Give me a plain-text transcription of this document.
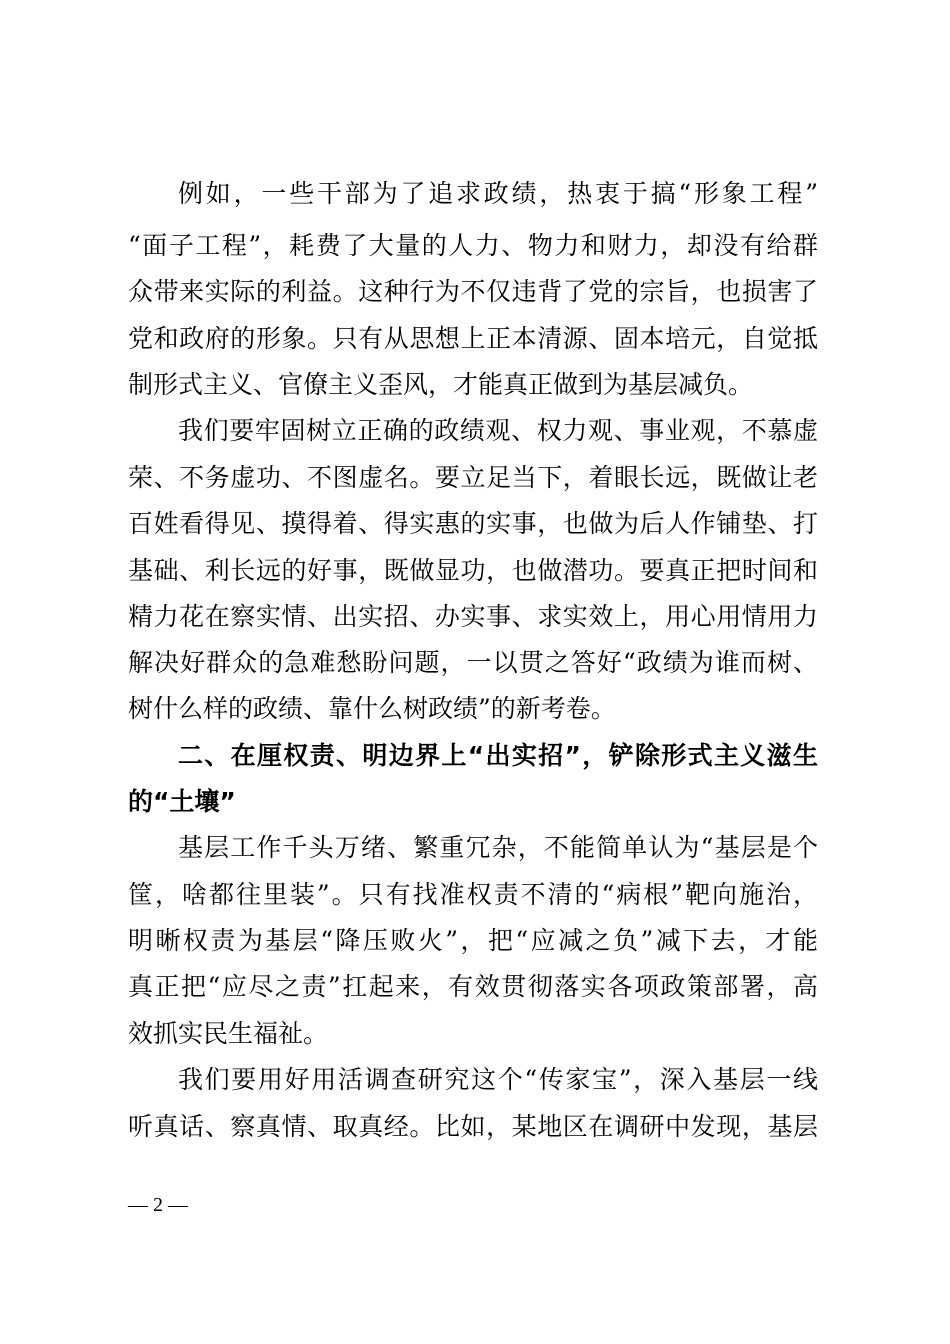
例如，一些干部为了追求政绩，热衷于搞“形象工程”
“面子工程”，耗费了大量的人力、物力和财力，却没有给群
众带来实际的利益。这种行为不仅违背了党的宗旨，也损害了
党和政府的形象。只有从思想上正本清源、固本培元，自觉抵
制形式主义、官僚主义歪风，才能真正做到为基层减负。
我们要牢固树立正确的政绩观、权力观、事业观，不慕虚
荣、不务虚功、不图虚名。要立足当下，着眼长远，既做让老
百姓看得见、摸得着、得实惠的实事，也做为后人作铺垫、打
基础、利长远的好事，既做显功，也做潜功。要真正把时间和
精力花在察实情、出实招、办实事、求实效上，用心用情用力
解决好群众的急难愁盼问题，一以贯之答好“政绩为谁而树、
树什么样的政绩、靠什么树政绩”的新考卷。
二、在厘权责、明边界上“出实招”，铲除形式主义滋生
的“土壤”
基层工作千头万绪、繁重冗杂，不能简单认为“基层是个
筐，啥都往里装”。只有找准权责不清的“病根”靶向施治，
明晰权责为基层“降压败火”，把“应减之负”减下去，才能
真正把“应尽之责”扛起来，有效贯彻落实各项政策部署，高
效抓实民生福祉。
我们要用好用活调查研究这个“传家宝”，深入基层一线
听真话、察真情、取真经。比如，某地区在调研中发现，基层
— 2 —
